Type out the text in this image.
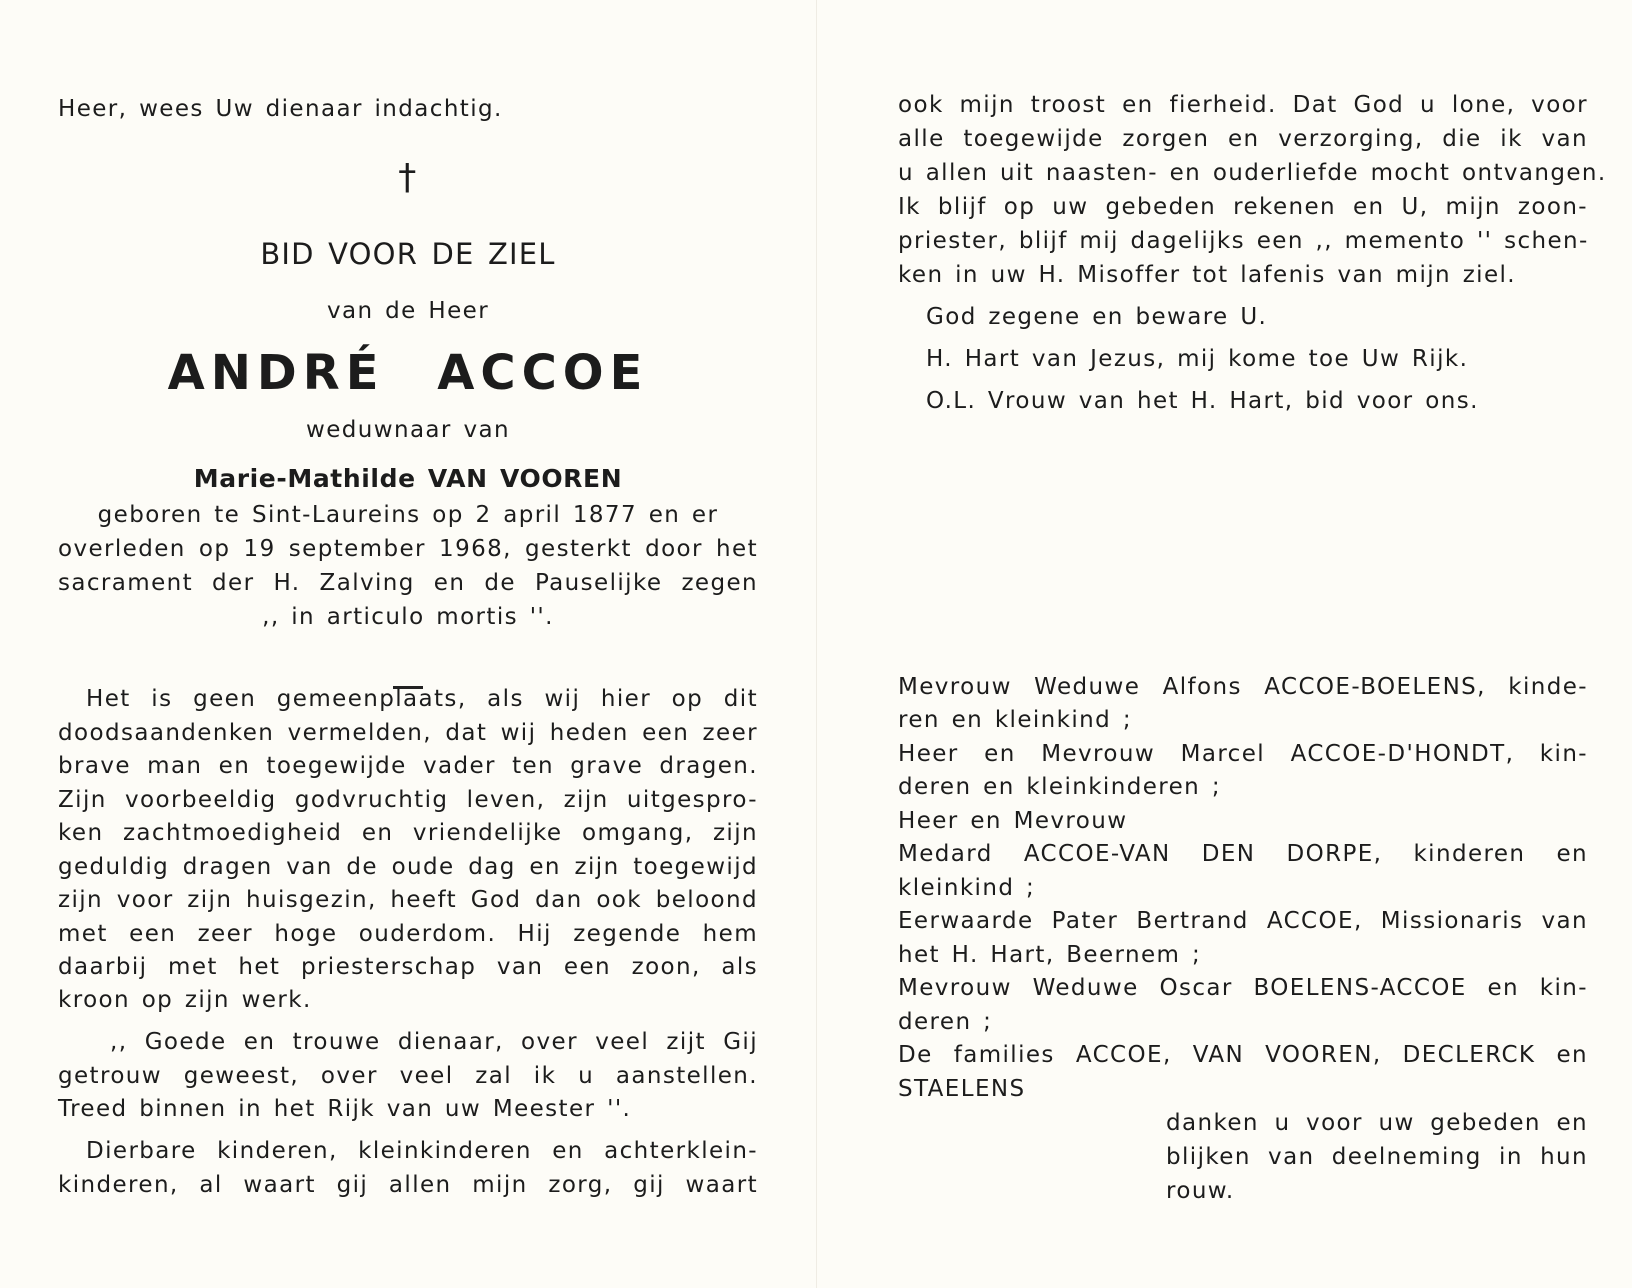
Heer, wees Uw dienaar indachtig.
†
BID VOOR DE ZIEL
van de Heer
ANDRÉ ACCOE
weduwnaar van
Marie-Mathilde VAN VOOREN
geboren te Sint-Laureins op 2 april 1877 en er
overleden op 19 september 1968, gesterkt door het
sacrament der H. Zalving en de Pauselijke zegen
,, in articulo mortis ''.
Het is geen gemeenplaats, als wij hier op dit
doodsaandenken vermelden, dat wij heden een zeer
brave man en toegewijde vader ten grave dragen.
Zijn voorbeeldig godvruchtig leven, zijn uitgespro-
ken zachtmoedigheid en vriendelijke omgang, zijn
geduldig dragen van de oude dag en zijn toegewijd
zijn voor zijn huisgezin, heeft God dan ook beloond
met een zeer hoge ouderdom. Hij zegende hem
daarbij met het priesterschap van een zoon, als
kroon op zijn werk.
,, Goede en trouwe dienaar, over veel zijt Gij
getrouw geweest, over veel zal ik u aanstellen.
Treed binnen in het Rijk van uw Meester ''.
Dierbare kinderen, kleinkinderen en achterklein-
kinderen, al waart gij allen mijn zorg, gij waart
ook mijn troost en fierheid. Dat God u lone, voor
alle toegewijde zorgen en verzorging, die ik van
u allen uit naasten- en ouderliefde mocht ontvangen.
Ik blijf op uw gebeden rekenen en U, mijn zoon-
priester, blijf mij dagelijks een ,, memento '' schen-
ken in uw H. Misoffer tot lafenis van mijn ziel.
God zegene en beware U.
H. Hart van Jezus, mij kome toe Uw Rijk.
O.L. Vrouw van het H. Hart, bid voor ons.
Mevrouw Weduwe Alfons ACCOE-BOELENS, kinde-
ren en kleinkind ;
Heer en Mevrouw Marcel ACCOE-D'HONDT, kin-
deren en kleinkinderen ;
Heer en Mevrouw
Medard ACCOE-VAN DEN DORPE, kinderen en
kleinkind ;
Eerwaarde Pater Bertrand ACCOE, Missionaris van
het H. Hart, Beernem ;
Mevrouw Weduwe Oscar BOELENS-ACCOE en kin-
deren ;
De families ACCOE, VAN VOOREN, DECLERCK en
STAELENS
danken u voor uw gebeden en
blijken van deelneming in hun
rouw.
